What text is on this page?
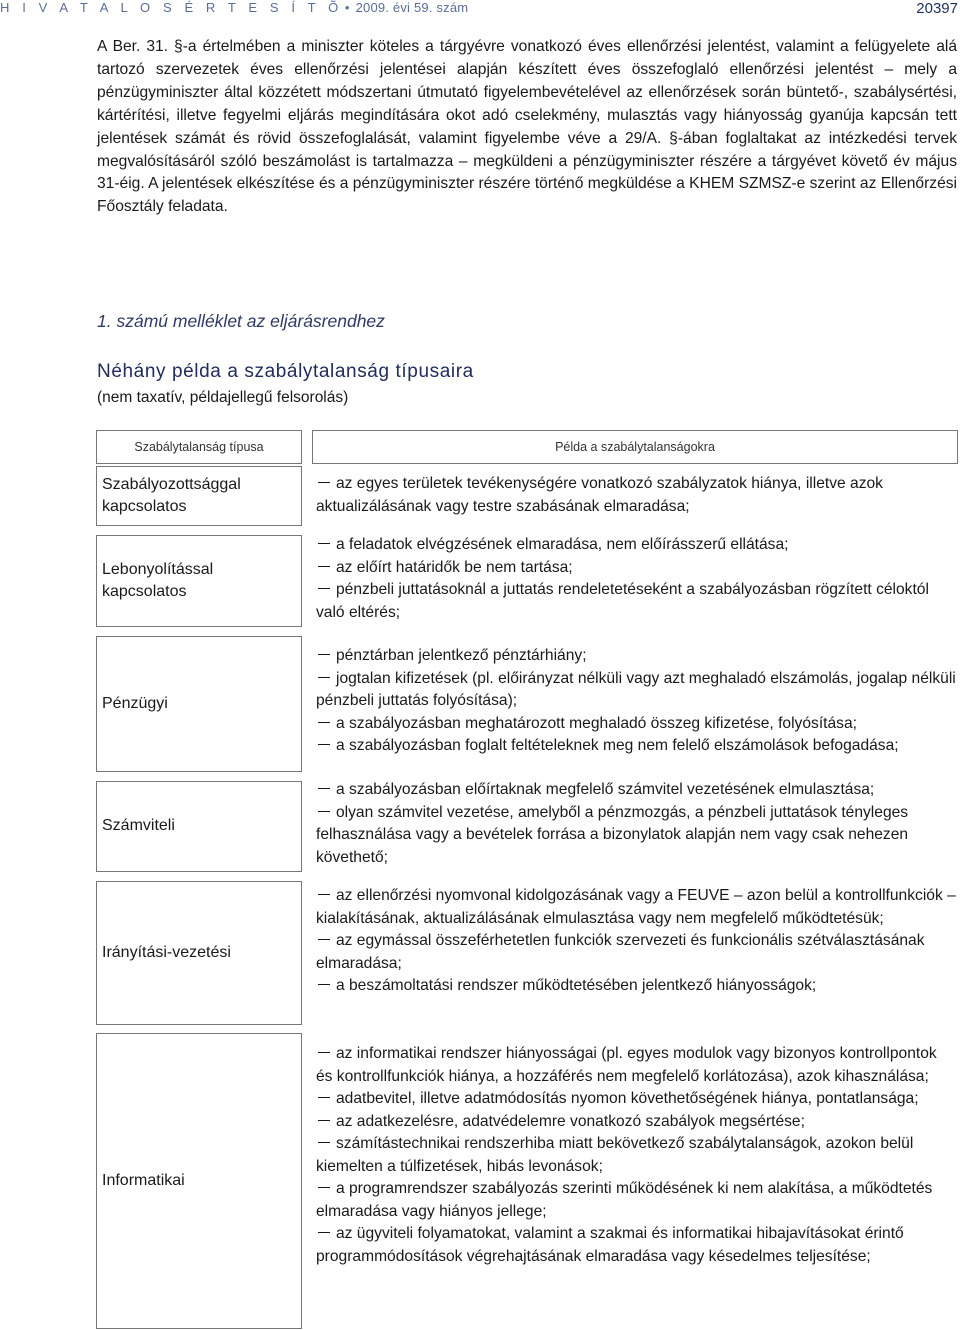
H I V A T A L O S É R T E S Í T Õ • 2009. évi 59. szám	20397

A Ber. 31. §-a értelmében a miniszter köteles a tárgyévre vonatkozó éves ellenőrzési jelentést, valamint a felügyelete alá tartozó szervezetek éves ellenőrzési jelentései alapján készített éves összefoglaló ellenőrzési jelentést – mely a pénzügyminiszter által közzétett módszertani útmutató figyelembevételével az ellenőrzések során büntető-, szabálysértési, kártérítési, illetve fegyelmi eljárás megindítására okot adó cselekmény, mulasztás vagy hiányosság gyanúja kapcsán tett jelentések számát és rövid összefoglalását, valamint figyelembe véve a 29/A. §-ában foglaltakat az intézkedési tervek megvalósításáról szóló beszámolást is tartalmazza – megküldeni a pénzügyminiszter részére a tárgyévet követő év május 31-éig. A jelentések elkészítése és a pénzügyminiszter részére történő megküldése a KHEM SZMSZ-e szerint az Ellenőrzési Főosztály feladata.

1. számú melléklet az eljárásrendhez

Néhány példa a szabálytalanság típusaira

(nem taxatív, példajellegű felsorolás)

Szabálytalanság típusa	Példa a szabálytalanságokra
Szabályozottsággal kapcsolatos
az egyes területek tevékenységére vonatkozó szabályzatok hiánya, illetve azok aktualizálásának vagy testre szabásának elmaradása;
Lebonyolítással kapcsolatos
a feladatok elvégzésének elmaradása, nem előírásszerű ellátása;
az előírt határidők be nem tartása;
pénzbeli juttatásoknál a juttatás rendeletetéseként a szabályozásban rögzített céloktól való eltérés;
Pénzügyi
pénztárban jelentkező pénztárhiány;
jogtalan kifizetések (pl. előirányzat nélküli vagy azt meghaladó elszámolás, jogalap nélküli pénzbeli juttatás folyósítása);
a szabályozásban meghatározott meghaladó összeg kifizetése, folyósítása;
a szabályozásban foglalt feltételeknek meg nem felelő elszámolások befogadása;
Számviteli
a szabályozásban előírtaknak megfelelő számvitel vezetésének elmulasztása;
olyan számvitel vezetése, amelyből a pénzmozgás, a pénzbeli juttatások tényleges felhasználása vagy a bevételek forrása a bizonylatok alapján nem vagy csak nehezen követhető;
Irányítási-vezetési
az ellenőrzési nyomvonal kidolgozásának vagy a FEUVE – azon belül a kontrollfunkciók – kialakításának, aktualizálásának elmulasztása vagy nem megfelelő működtetésük;
az egymással összeférhetetlen funkciók szervezeti és funkcionális szétválasztásának elmaradása;
a beszámoltatási rendszer működtetésében jelentkező hiányosságok;
Informatikai
az informatikai rendszer hiányosságai (pl. egyes modulok vagy bizonyos kontrollpontok és kontrollfunkciók hiánya, a hozzáférés nem megfelelő korlátozása), azok kihasználása;
adatbevitel, illetve adatmódosítás nyomon követhetőségének hiánya, pontatlansága;
az adatkezelésre, adatvédelemre vonatkozó szabályok megsértése;
számítástechnikai rendszerhiba miatt bekövetkező szabálytalanságok, azokon belül kiemelten a túlfizetések, hibás levonások;
a programrendszer szabályozás szerinti működésének ki nem alakítása, a működtetés elmaradása vagy hiányos jellege;
az ügyviteli folyamatokat, valamint a szakmai és informatikai hibajavításokat érintő programmódosítások végrehajtásának elmaradása vagy késedelmes teljesítése;
